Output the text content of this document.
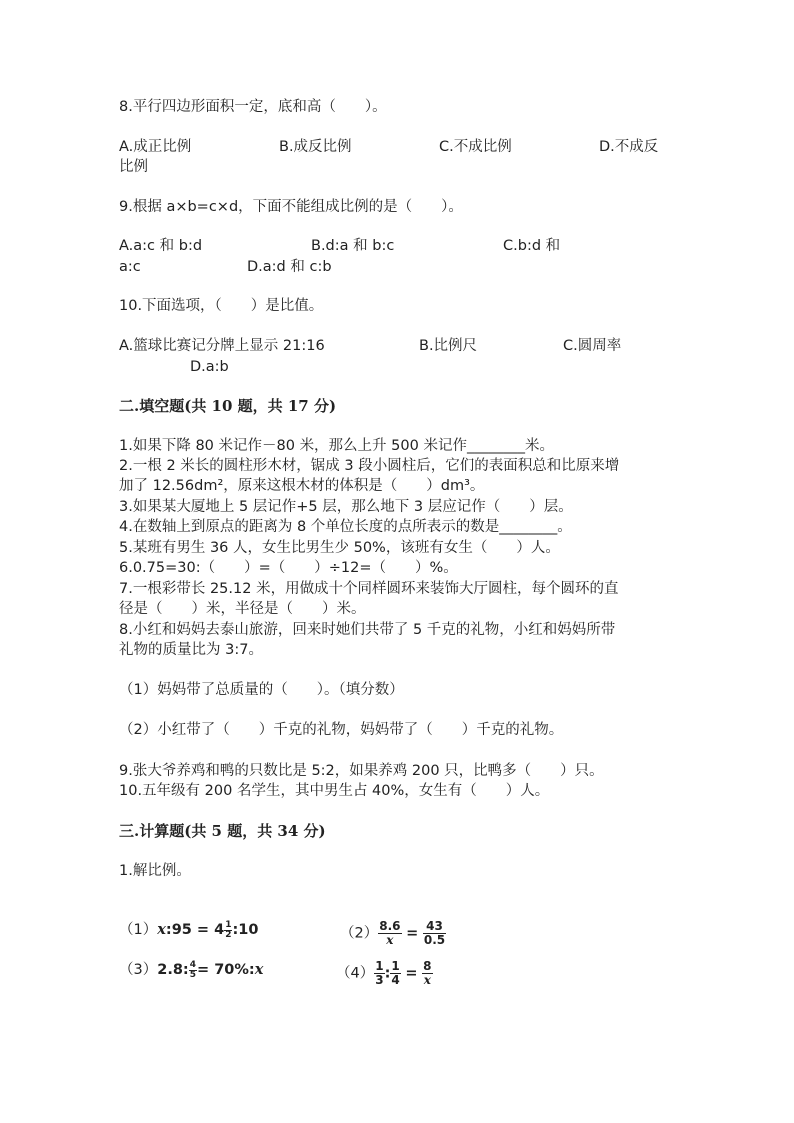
8.平行四边形面积一定，底和高（　　）。
A.成正比例	B.成反比例	C.不成比例	D.不成反
比例
9.根据 a×b=c×d，下面不能组成比例的是（　　）。
A.a:c 和 b:d	B.d:a 和 b:c	C.b:d 和
a:c	D.a:d 和 c:b
10.下面选项，（　　）是比值。
A.篮球比赛记分牌上显示 21:16	B.比例尺	C.圆周率
D.a:b
二.填空题(共 10 题，共 17 分)
1.如果下降 80 米记作－80 米，那么上升 500 米记作________米。
2.一根 2 米长的圆柱形木材，锯成 3 段小圆柱后，它们的表面积总和比原来增
加了 12.56dm²，原来这根木材的体积是（　　）dm³。
3.如果某大厦地上 5 层记作+5 层，那么地下 3 层应记作（　　）层。
4.在数轴上到原点的距离为 8 个单位长度的点所表示的数是________。
5.某班有男生 36 人，女生比男生少 50%，该班有女生（　　）人。
6.0.75=30:（　　）=（　　）÷12=（　　）%。
7.一根彩带长 25.12 米，用做成十个同样圆环来装饰大厅圆柱，每个圆环的直
径是（　　）米，半径是（　　）米。
8.小红和妈妈去泰山旅游，回来时她们共带了 5 千克的礼物，小红和妈妈所带
礼物的质量比为 3:7。
（1）妈妈带了总质量的（　　）。（填分数）
（2）小红带了（　　）千克的礼物，妈妈带了（　　）千克的礼物。
9.张大爷养鸡和鸭的只数比是 5:2，如果养鸡 200 只，比鸭多（　　）只。
10.五年级有 200 名学生，其中男生占 40%，女生有（　　）人。
三.计算题(共 5 题，共 34 分)
1.解比例。
（1）x:95 = $4 \frac{1}{2}$ :10	$(2) \frac{8.6}{x} = \frac{43}{0.5}$
（3）2.8: $\frac{4}{5}$ = 70%:x	$(4) \frac{1}{3}$ : $\frac{1}{4} = \frac{8}{x}$
